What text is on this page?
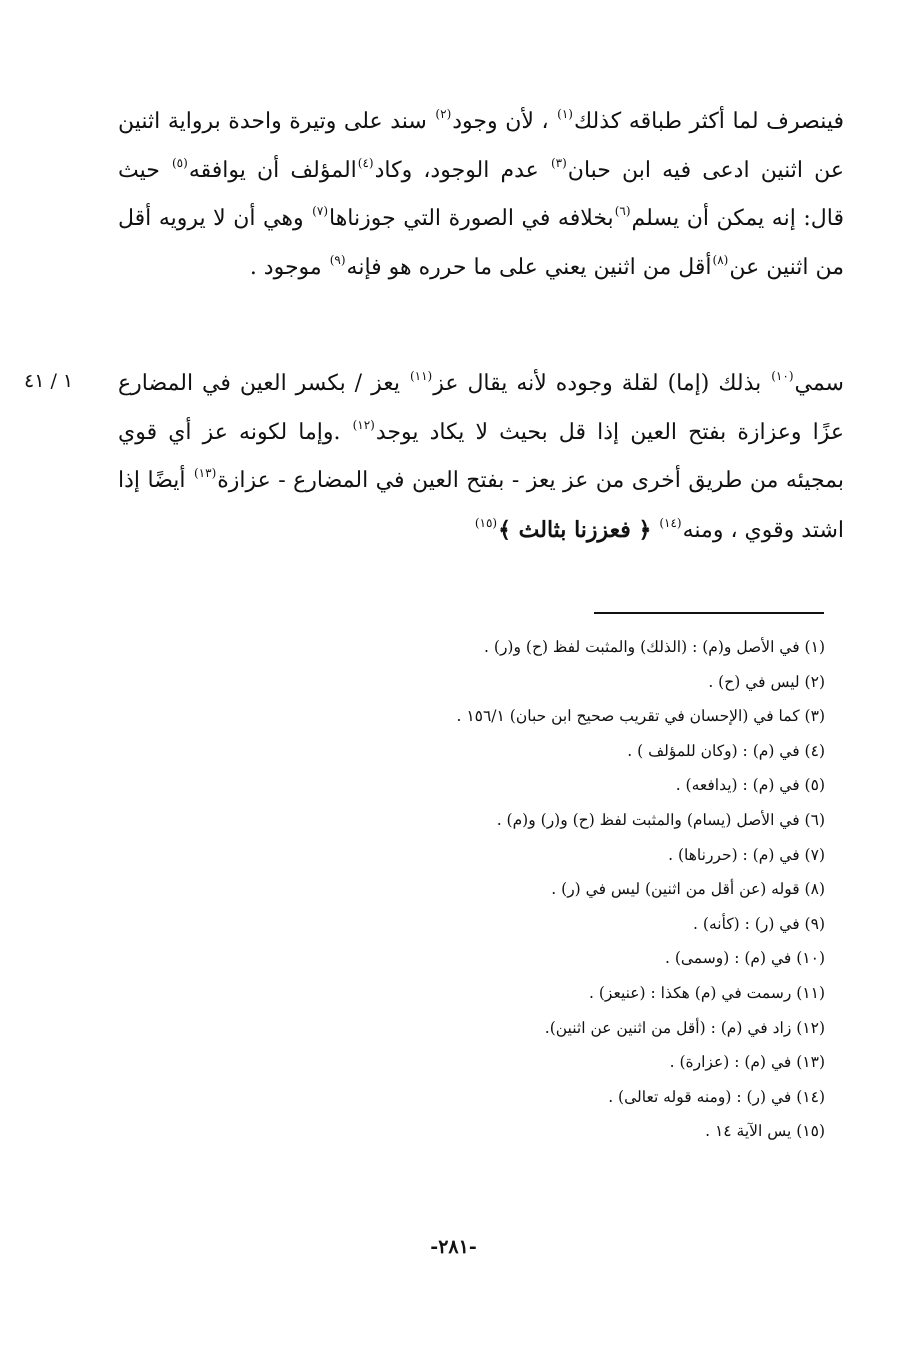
فينصرف لما أكثر طباقه كذلك$^{(١)}$ ، لأن وجود$^{(٢)}$ سند على وتيرة واحدة برواية اثنين عن اثنين ادعى فيه ابن حبان$^{(٣)}$ عدم الوجود، وكاد$^{(٤)}$المؤلف أن يوافقه$^{(٥)}$ حيث قال: إنه يمكن أن يسلم$^{(٦)}$بخلافه في الصورة التي جوزناها$^{(٧)}$ وهي أن لا يرويه أقل من اثنين عن$^{(٨)}$أقل من اثنين يعني على ما حرره هو فإنه$^{(٩)}$ موجود .

١ / ٤١	سمي$^{(١٠)}$ بذلك (إما) لقلة وجوده لأنه يقال عز$^{(١١)}$ يعز / بكسر العين في المضارع عزًا وعزازة بفتح العين إذا قل بحيث لا يكاد يوجد$^{(١٢)}$ .وإما لكونه عز أي قوي بمجيئه من طريق أخرى من عز يعز - بفتح العين في المضارع - عزازة$^{(١٣)}$ أيضًا إذا اشتد وقوي ، ومنه$^{(١٤)}$ ﴿ فعززنا بثالث ﴾$^{(١٥)}$

(١) في الأصل و(م) : (الذلك) والمثبت لفظ (ح) و(ر) .
(٢) ليس في (ح) .
(٣) كما في (الإحسان في تقريب صحيح ابن حبان) ١٥٦/١ .
(٤) في (م) : (وكان للمؤلف ) .
(٥) في (م) : (يدافعه) .
(٦) في الأصل (يسام) والمثبت لفظ (ح) و(ر) و(م) .
(٧) في (م) : (حررناها) .
(٨) قوله (عن أقل من اثنين) ليس في (ر) .
(٩) في (ر) : (كأنه) .
(١٠) في (م) : (وسمى) .
(١١) رسمت في (م) هكذا : (عنيعز) .
(١٢) زاد في (م) : (أقل من اثنين عن اثنين).
(١٣) في (م) : (عزارة) .
(١٤) في (ر) : (ومنه قوله تعالى) .
(١٥) يس الآية ١٤ .
-٢٨١-
